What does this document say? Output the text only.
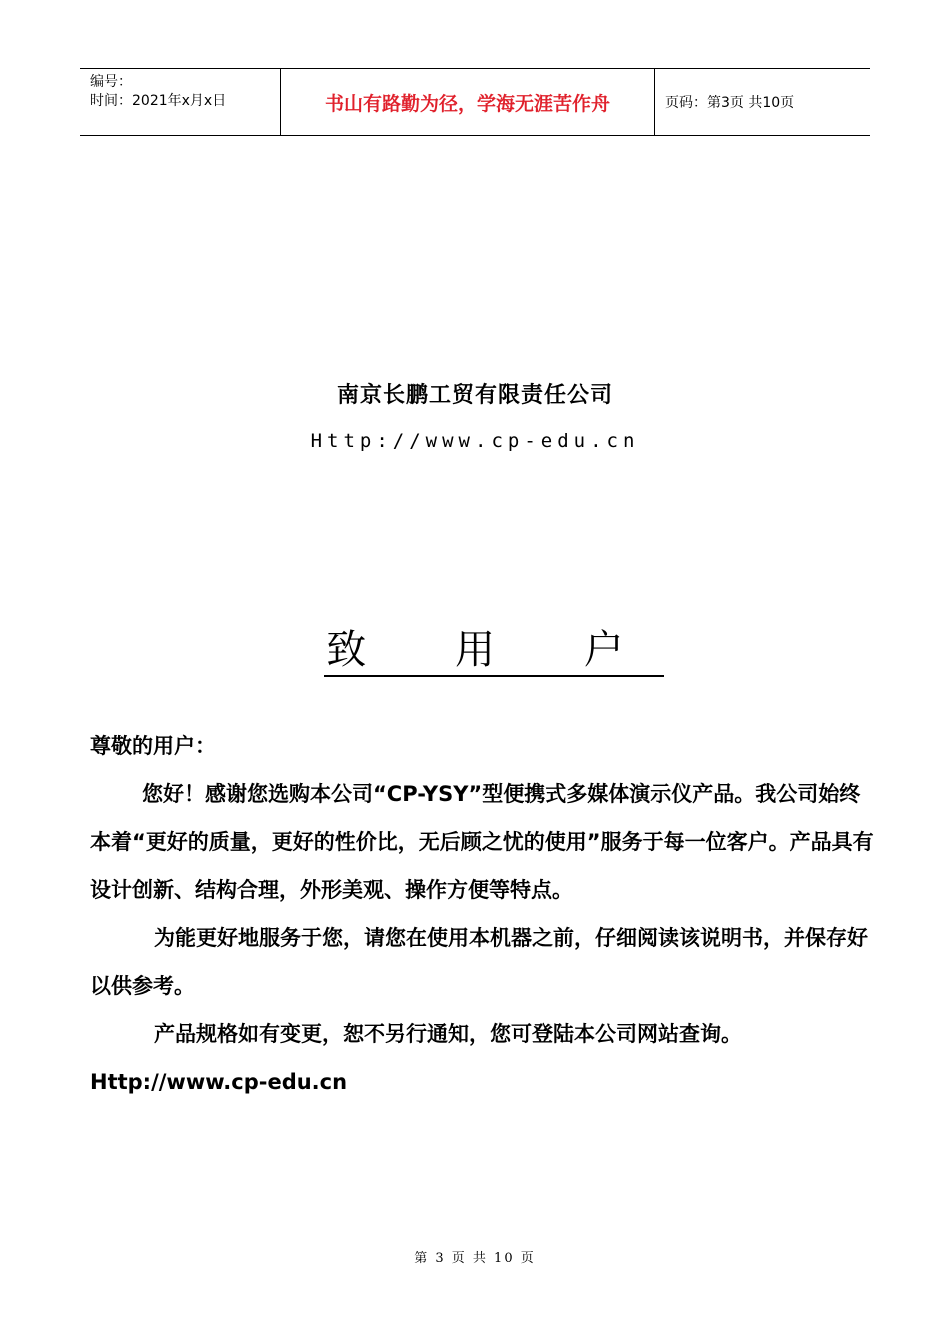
编号：
时间：2021年x月x日	书山有路勤为径，学海无涯苦作舟	页码：第3页 共10页
南京长鹏工贸有限责任公司
Http://www.cp-edu.cn
致 用 户

尊敬的用户：

您好！感谢您选购本公司“CP-YSY”型便携式多媒体演示仪产品。我公司始终本着“更好的质量，更好的性价比，无后顾之忧的使用”服务于每一位客户。产品具有设计创新、结构合理，外形美观、操作方便等特点。

为能更好地服务于您，请您在使用本机器之前，仔细阅读该说明书，并保存好以供参考。

产品规格如有变更，恕不另行通知，您可登陆本公司网站查询。

Http://www.cp-edu.cn

第 3 页 共 10 页
